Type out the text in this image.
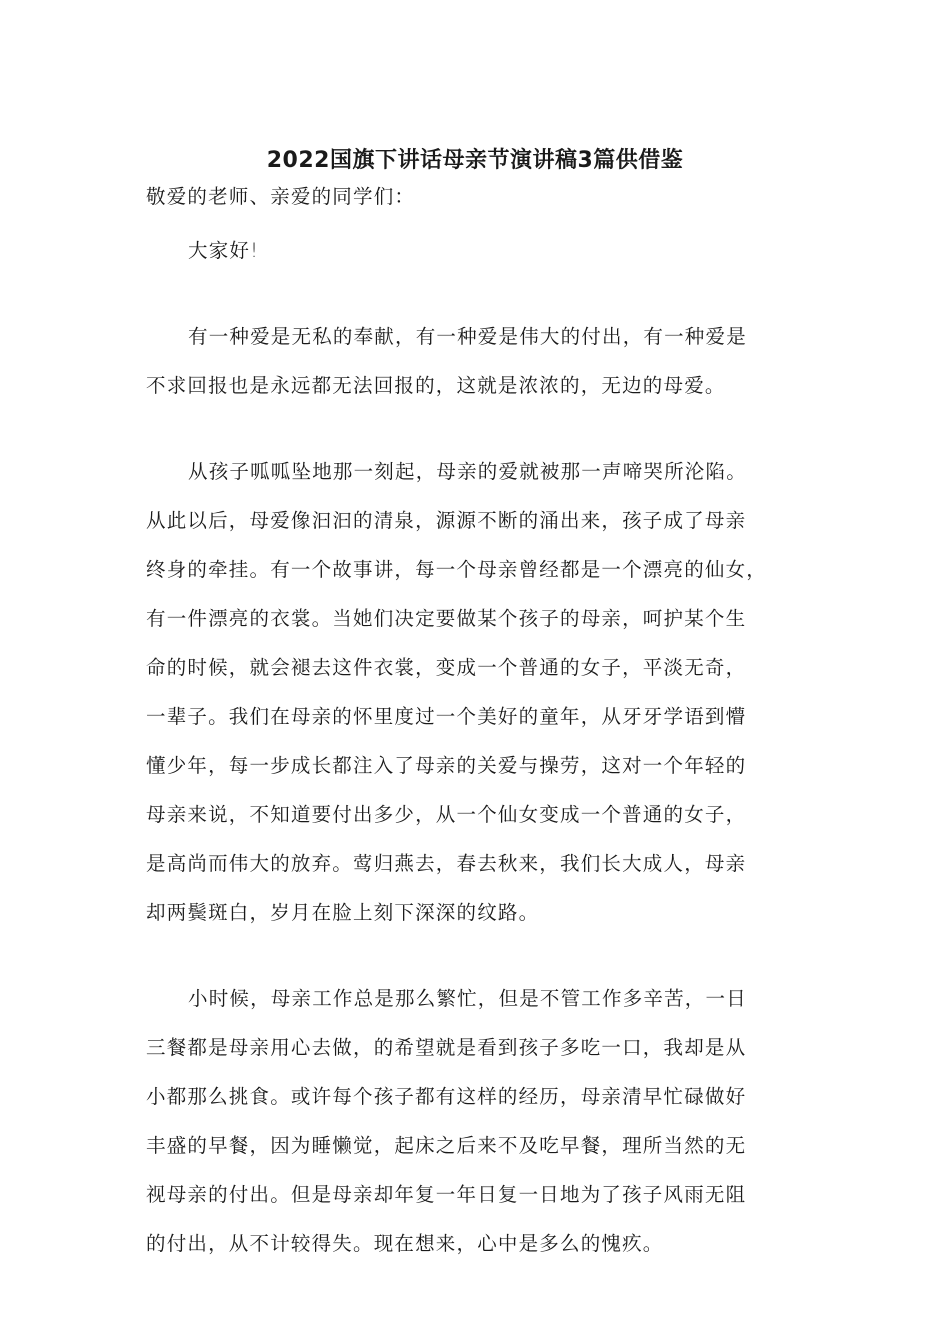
2022国旗下讲话母亲节演讲稿3篇供借鉴
敬爱的老师、亲爱的同学们：
大家好!
有一种爱是无私的奉献，有一种爱是伟大的付出，有一种爱是
不求回报也是永远都无法回报的，这就是浓浓的，无边的母爱。
从孩子呱呱坠地那一刻起，母亲的爱就被那一声啼哭所沦陷。
从此以后，母爱像汩汩的清泉，源源不断的涌出来，孩子成了母亲
终身的牵挂。有一个故事讲，每一个母亲曾经都是一个漂亮的仙女，
有一件漂亮的衣裳。当她们决定要做某个孩子的母亲，呵护某个生
命的时候，就会褪去这件衣裳，变成一个普通的女子，平淡无奇，
一辈子。我们在母亲的怀里度过一个美好的童年，从牙牙学语到懵
懂少年，每一步成长都注入了母亲的关爱与操劳，这对一个年轻的
母亲来说，不知道要付出多少，从一个仙女变成一个普通的女子，
是高尚而伟大的放弃。莺归燕去，春去秋来，我们长大成人，母亲
却两鬓斑白，岁月在脸上刻下深深的纹路。
小时候，母亲工作总是那么繁忙，但是不管工作多辛苦，一日
三餐都是母亲用心去做，的希望就是看到孩子多吃一口，我却是从
小都那么挑食。或许每个孩子都有这样的经历，母亲清早忙碌做好
丰盛的早餐，因为睡懒觉，起床之后来不及吃早餐，理所当然的无
视母亲的付出。但是母亲却年复一年日复一日地为了孩子风雨无阻
的付出，从不计较得失。现在想来，心中是多么的愧疚。
